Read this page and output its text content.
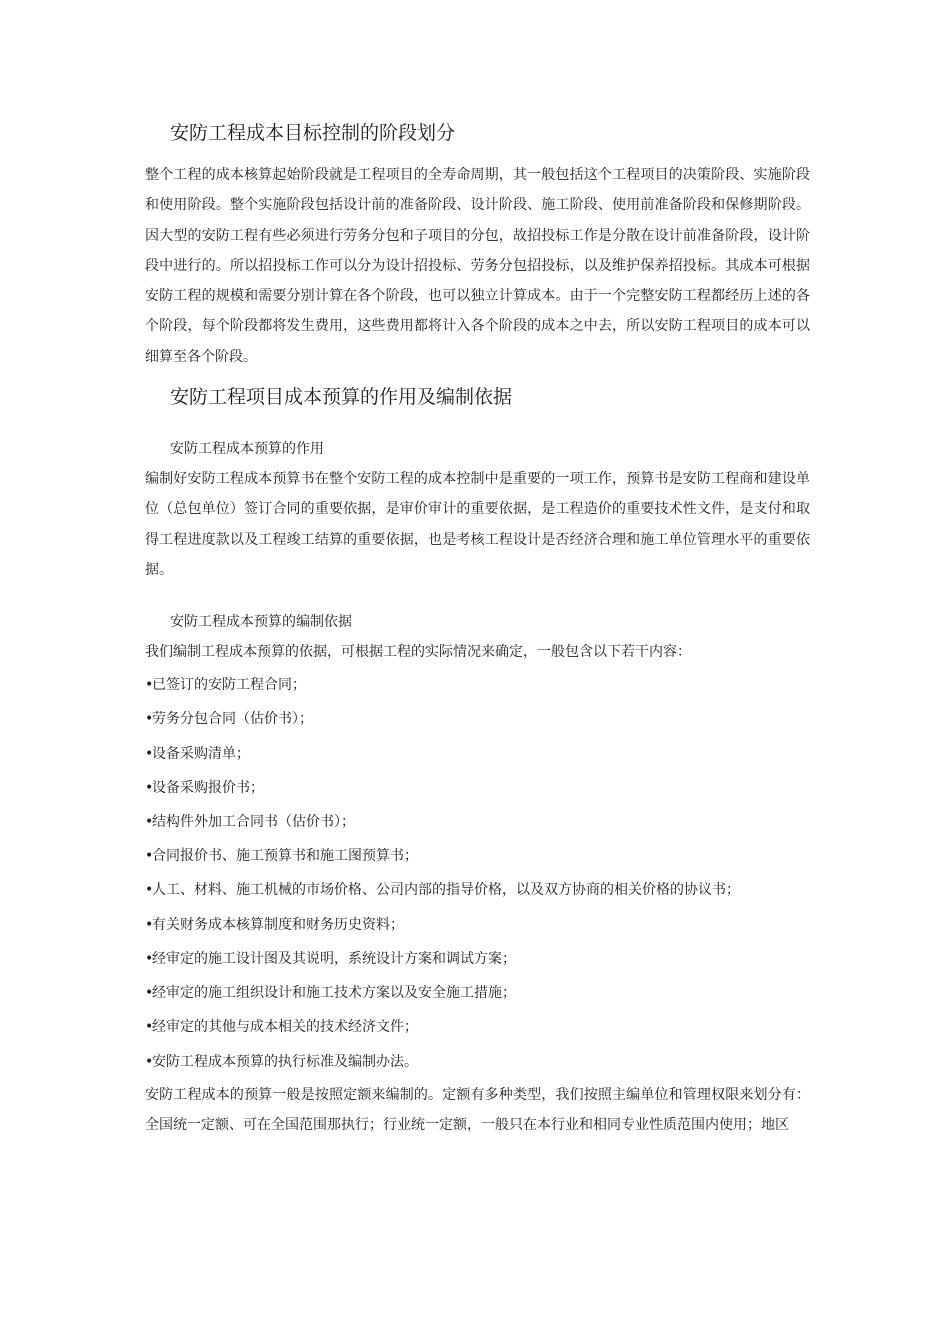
安防工程成本目标控制的阶段划分

整个工程的成本核算起始阶段就是工程项目的全寿命周期，其一般包括这个工程项目的决策阶段、实施阶段和使用阶段。整个实施阶段包括设计前的准备阶段、设计阶段、施工阶段、使用前准备阶段和保修期阶段。因大型的安防工程有些必须进行劳务分包和子项目的分包，故招投标工作是分散在设计前准备阶段，设计阶段中进行的。所以招投标工作可以分为设计招投标、劳务分包招投标，以及维护保养招投标。其成本可根据安防工程的规模和需要分别计算在各个阶段，也可以独立计算成本。由于一个完整安防工程都经历上述的各个阶段，每个阶段都将发生费用，这些费用都将计入各个阶段的成本之中去，所以安防工程项目的成本可以细算至各个阶段。

安防工程项目成本预算的作用及编制依据
安防工程成本预算的作用

编制好安防工程成本预算书在整个安防工程的成本控制中是重要的一项工作，预算书是安防工程商和建设单位（总包单位）签订合同的重要依据，是审价审计的重要依据，是工程造价的重要技术性文件，是支付和取得工程进度款以及工程竣工结算的重要依据，也是考核工程设计是否经济合理和施工单位管理水平的重要依据。

安防工程成本预算的编制依据

我们编制工程成本预算的依据，可根据工程的实际情况来确定，一般包含以下若干内容：

•已签订的安防工程合同；
•劳务分包合同（估价书）；
•设备采购清单；
•设备采购报价书；
•结构件外加工合同书（估价书）；
•合同报价书、施工预算书和施工图预算书；
•人工、材料、施工机械的市场价格、公司内部的指导价格，以及双方协商的相关价格的协议书；
•有关财务成本核算制度和财务历史资料；
•经审定的施工设计图及其说明，系统设计方案和调试方案；
•经审定的施工组织设计和施工技术方案以及安全施工措施；
•经审定的其他与成本相关的技术经济文件；
•安防工程成本预算的执行标准及编制办法。

安防工程成本的预算一般是按照定额来编制的。定额有多种类型，我们按照主编单位和管理权限来划分有：全国统一定额、可在全国范围那执行；行业统一定额，一般只在本行业和相同专业性质范围内使用；地区
